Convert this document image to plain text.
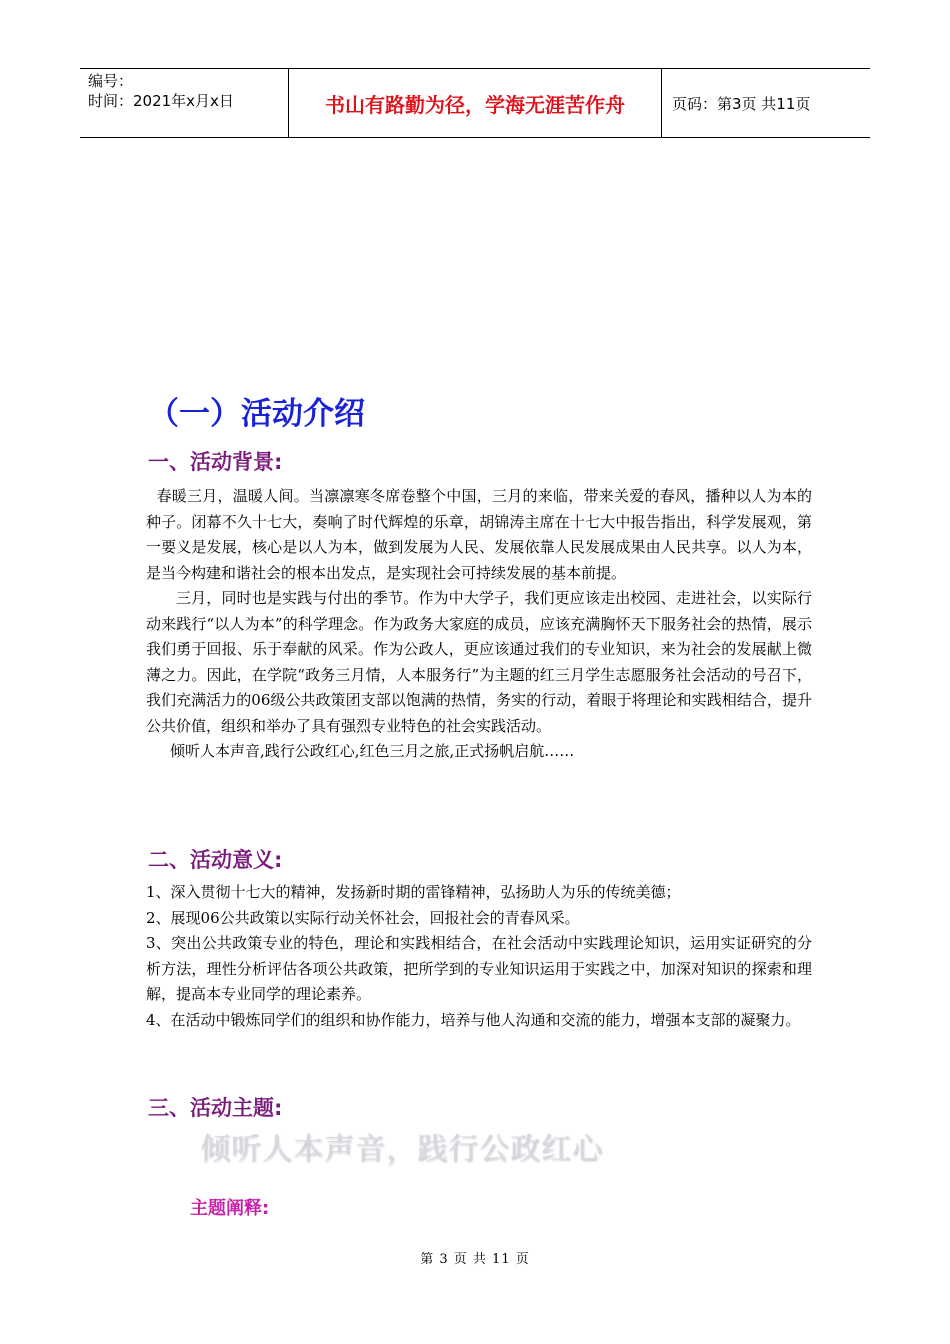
编号：
时间：2021年x月x日	书山有路勤为径，学海无涯苦作舟	页码：第3页 共11页
（一）活动介绍
一、活动背景:

春暖三月，温暖人间。当凛凛寒冬席卷整个中国，三月的来临，带来关爱的春风，播种以人为本的种子。闭幕不久十七大，奏响了时代辉煌的乐章，胡锦涛主席在十七大中报告指出，科学发展观，第一要义是发展，核心是以人为本，做到发展为人民、发展依靠人民发展成果由人民共享。以人为本，是当今构建和谐社会的根本出发点，是实现社会可持续发展的基本前提。

三月，同时也是实践与付出的季节。作为中大学子，我们更应该走出校园、走进社会，以实际行动来践行“以人为本”的科学理念。作为政务大家庭的成员，应该充满胸怀天下服务社会的热情，展示我们勇于回报、乐于奉献的风采。作为公政人，更应该通过我们的专业知识，来为社会的发展献上微薄之力。因此，在学院“政务三月情，人本服务行”为主题的红三月学生志愿服务社会活动的号召下，我们充满活力的06级公共政策团支部以饱满的热情，务实的行动，着眼于将理论和实践相结合，提升公共价值，组织和举办了具有强烈专业特色的社会实践活动。

倾听人本声音,践行公政红心,红色三月之旅,正式扬帆启航……

二、活动意义:

1、深入贯彻十七大的精神，发扬新时期的雷锋精神，弘扬助人为乐的传统美德；

2、展现06公共政策以实际行动关怀社会，回报社会的青春风采。

3、突出公共政策专业的特色，理论和实践相结合，在社会活动中实践理论知识，运用实证研究的分析方法，理性分析评估各项公共政策，把所学到的专业知识运用于实践之中，加深对知识的探索和理解，提高本专业同学的理论素养。

4、在活动中锻炼同学们的组织和协作能力，培养与他人沟通和交流的能力，增强本支部的凝聚力。

三、活动主题:
倾听人本声音，践行公政红心
主题阐释:
第 3 页 共 11 页
